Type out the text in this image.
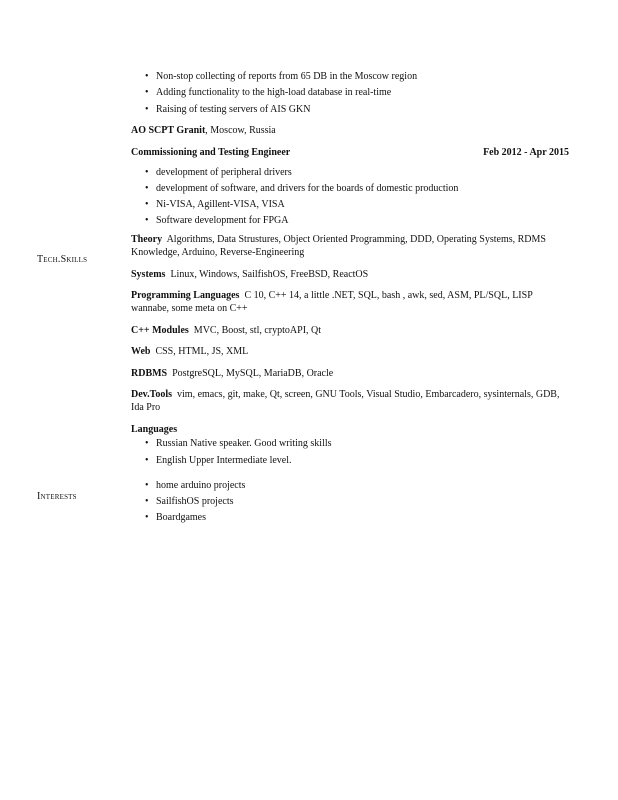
Tech.Skills
Interests
• Non-stop collecting of reports from 65 DB in the Moscow region
• Adding functionality to the high-load database in real-time
• Raising of testing servers of AIS GKN
AO SCPT Granit, Moscow, Russia
Commissioning and Testing Engineer	Feb 2012 - Apr 2015
• development of peripheral drivers
• development of software, and drivers for the boards of domestic production
• Ni-VISA, Agillent-VISA, VISA
• Software development for FPGA
Theory Algorithms, Data Strustures, Object Oriented Programming, DDD, Operating Systems, RDMS Knowledge, Arduino, Reverse-Engineering
Systems Linux, Windows, SailfishOS, FreeBSD, ReactOS
Programming Languages C 10, C++ 14, a little .NET, SQL, bash , awk, sed, ASM, PL/SQL, LISP wannabe, some meta on C++
C++ Modules MVC, Boost, stl, cryptoAPI, Qt
Web CSS, HTML, JS, XML
RDBMS PostgreSQL, MySQL, MariaDB, Oracle
Dev.Tools vim, emacs, git, make, Qt, screen, GNU Tools, Visual Studio, Embarcadero, sysinternals, GDB, Ida Pro
Languages
• Russian Native speaker. Good writing skills
• English Upper Intermediate level.
• home arduino projects
• SailfishOS projects
• Boardgames
